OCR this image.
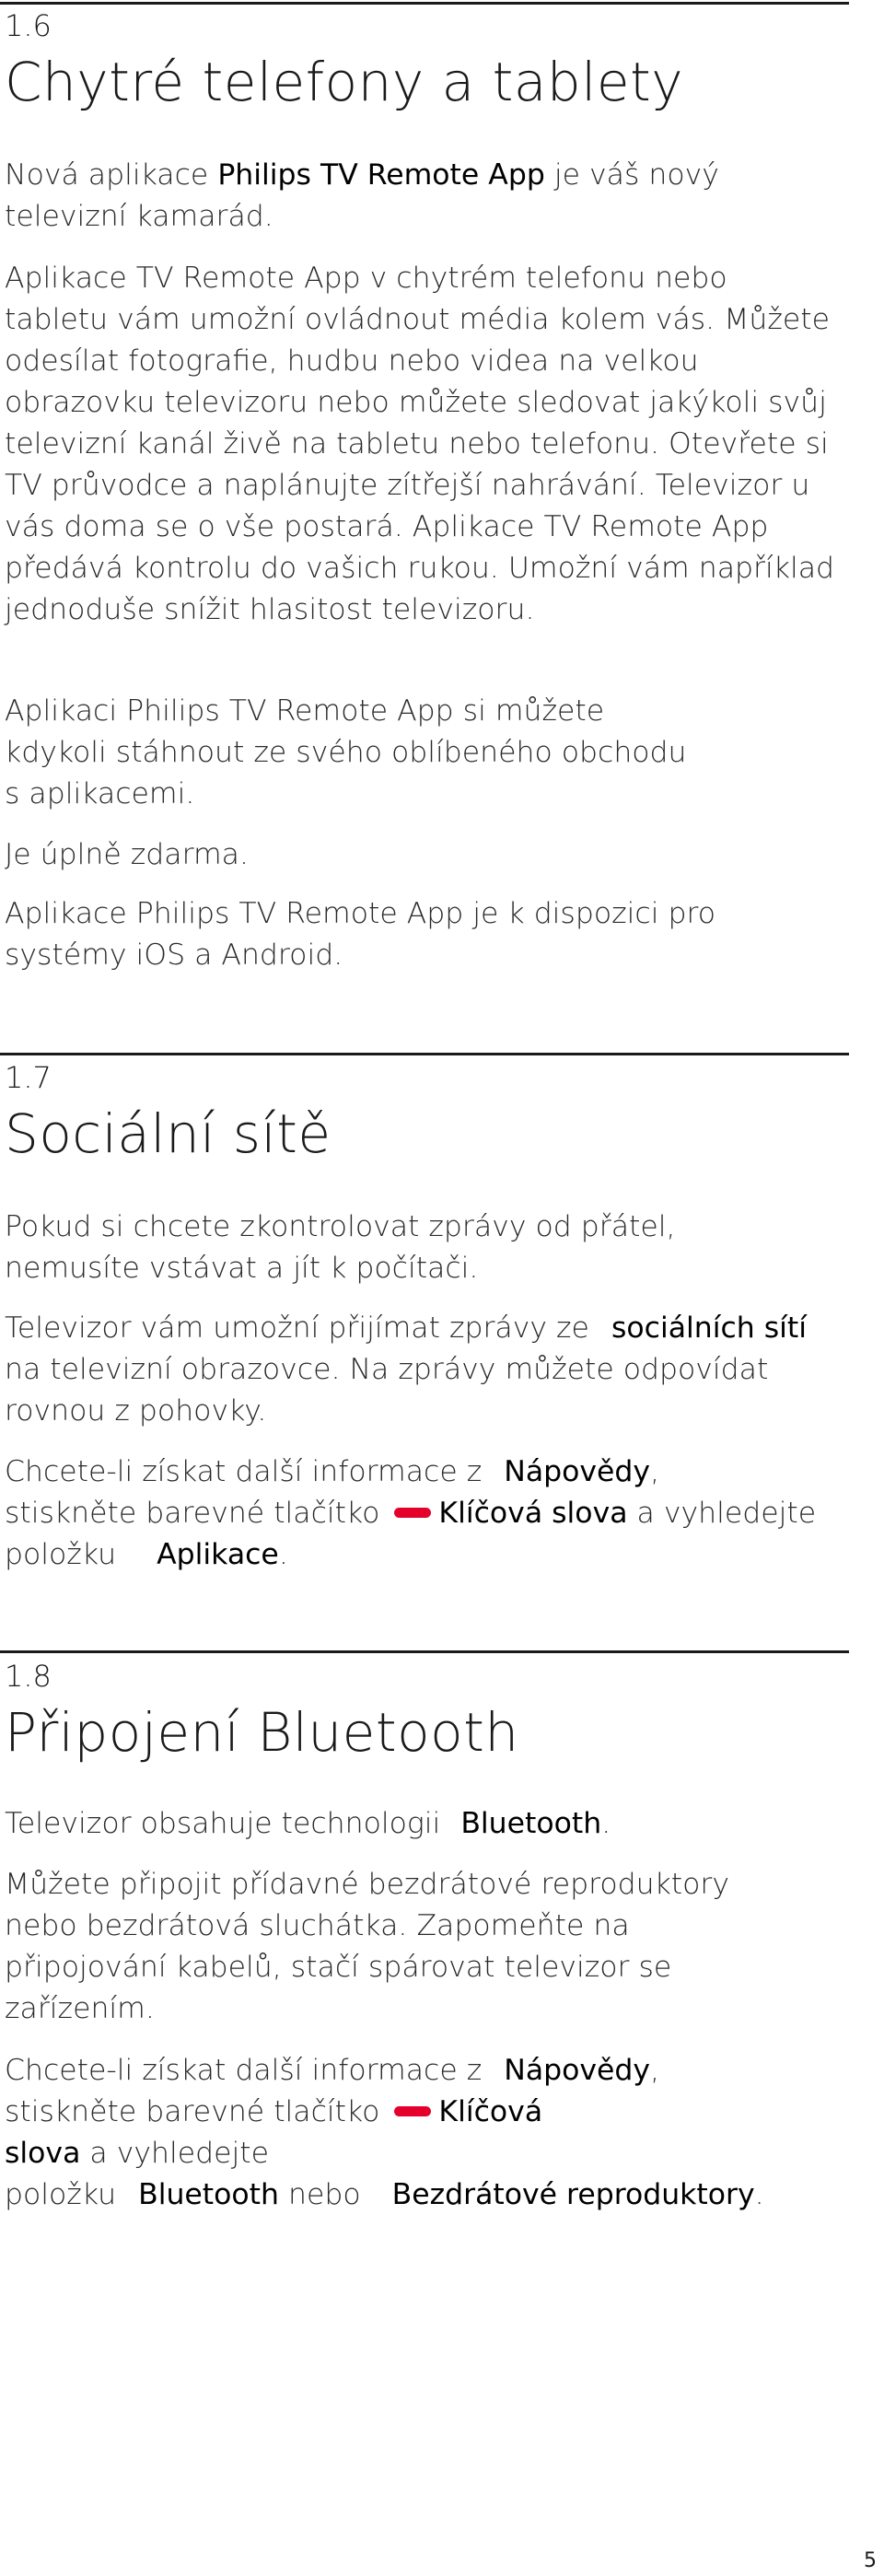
1.6
Chytré telefony a tablety

Nová aplikace Philips TV Remote App je váš nový televizní kamarád.

Aplikace TV Remote App v chytrém telefonu nebo tabletu vám umožní ovládnout média kolem vás. Můžete odesílat fotografie, hudbu nebo videa na velkou obrazovku televizoru nebo můžete sledovat jakýkoli svůj televizní kanál živě na tabletu nebo telefonu. Otevřete si TV průvodce a naplánujte zítřejší nahrávání. Televizor u vás doma se o vše postará. Aplikace TV Remote App předává kontrolu do vašich rukou. Umožní vám například jednoduše snížit hlasitost televizoru.

Aplikaci Philips TV Remote App si můžete kdykoli stáhnout ze svého oblíbeného obchodu s aplikacemi.

Je úplně zdarma.

Aplikace Philips TV Remote App je k dispozici pro systémy iOS a Android.

1.7
Sociální sítě

Pokud si chcete zkontrolovat zprávy od přátel, nemusíte vstávat a jít k počítači.

Televizor vám umožní přijímat zprávy ze sociálních sítí na televizní obrazovce. Na zprávy můžete odpovídat rovnou z pohovky.

Chcete-li získat další informace z Nápovědy,
stiskněte barevné tlačítko Klíčová slova a vyhledejte položku Aplikace.

1.8
Připojení Bluetooth

Televizor obsahuje technologii Bluetooth.

Můžete připojit přídavné bezdrátové reproduktory nebo bezdrátová sluchátka. Zapomeňte na připojování kabelů, stačí spárovat televizor se zařízením.

Chcete-li získat další informace z Nápovědy,
stiskněte barevné tlačítko Klíčová
slova a vyhledejte
položku Bluetooth nebo Bezdrátové reproduktory.

5
